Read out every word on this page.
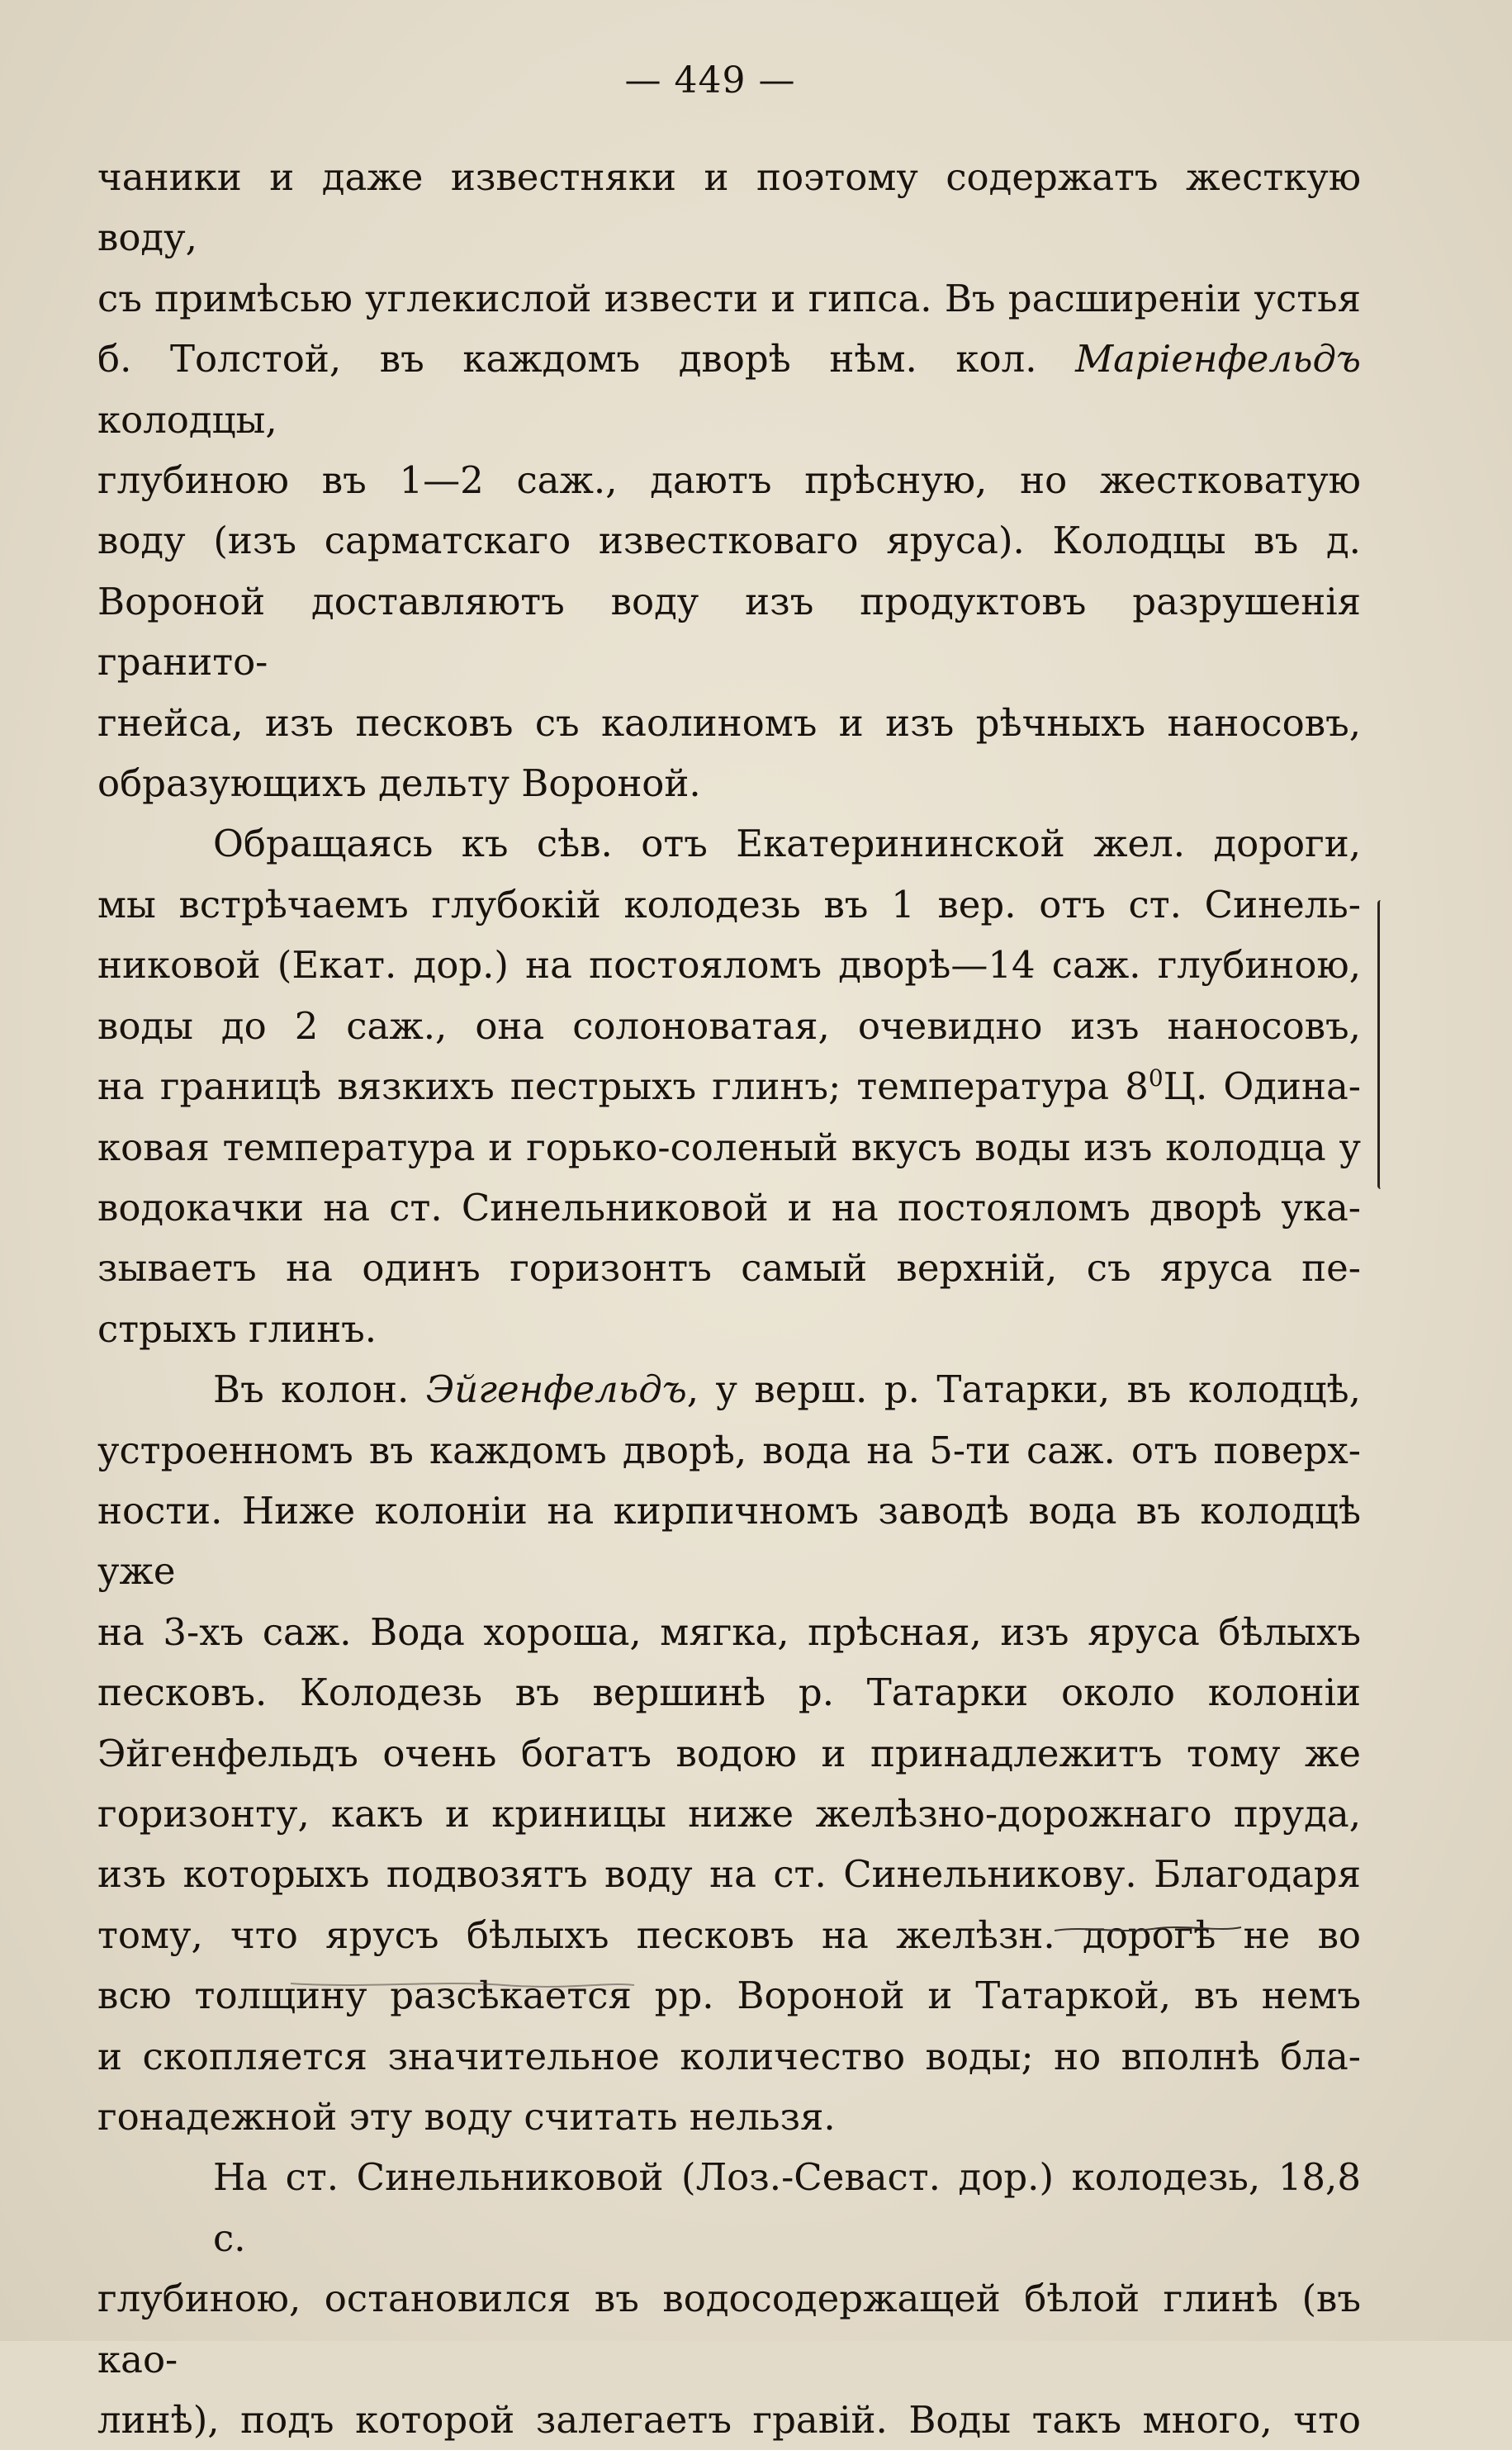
— 449 —
чаники и даже известняки и поэтому содержатъ жесткую воду,
съ примѣсью углекислой извести и гипса. Въ расширеніи устья
б. Толстой, въ каждомъ дворѣ нѣм. кол. Маріенфельдъ колодцы,
глубиною въ 1—2 саж., даютъ прѣсную, но жестковатую
воду (изъ сарматскаго известковаго яруса). Колодцы въ д.
Вороной доставляютъ воду изъ продуктовъ разрушенія гранито-
гнейса, изъ песковъ съ каолиномъ и изъ рѣчныхъ наносовъ,
образующихъ дельту Вороной.
Обращаясь къ сѣв. отъ Екатерининской жел. дороги,
мы встрѣчаемъ глубокій колодезь въ 1 вер. отъ ст. Синель-
никовой (Екат. дор.) на постояломъ дворѣ—14 саж. глубиною,
воды до 2 саж., она солоноватая, очевидно изъ наносовъ,
на границѣ вязкихъ пестрыхъ глинъ; температура $8^0Ц$. Одина-
ковая температура и горько-соленый вкусъ воды изъ колодца у
водокачки на ст. Синельниковой и на постояломъ дворѣ ука-
зываетъ на одинъ горизонтъ самый верхній, съ яруса пе-
стрыхъ глинъ.
Въ колон. Эйгенфельдъ, у верш. р. Татарки, въ колодцѣ,
устроенномъ въ каждомъ дворѣ, вода на 5-ти саж. отъ поверх-
ности. Ниже колоніи на кирпичномъ заводѣ вода въ колодцѣ уже
на 3-хъ саж. Вода хороша, мягка, прѣсная, изъ яруса бѣлыхъ
песковъ. Колодезь въ вершинѣ р. Татарки около колоніи
Эйгенфельдъ очень богатъ водою и принадлежитъ тому же
горизонту, какъ и криницы ниже желѣзно-дорожнаго пруда,
изъ которыхъ подвозятъ воду на ст. Синельникову. Благодаря
тому, что ярусъ бѣлыхъ песковъ на желѣзн. дорогѣ не во
всю толщину разсѣкается рр. Вороной и Татаркой, въ немъ
и скопляется значительное количество воды; но вполнѣ бла-
гонадежной эту воду считать нельзя.
На ст. Синельниковой (Лоз.-Севаст. дор.) колодезь, 18,8 с.
глубиною, остановился въ водосодержащей бѣлой глинѣ (въ као-
линѣ), подъ которой залегаетъ гравій. Воды такъ много, что
